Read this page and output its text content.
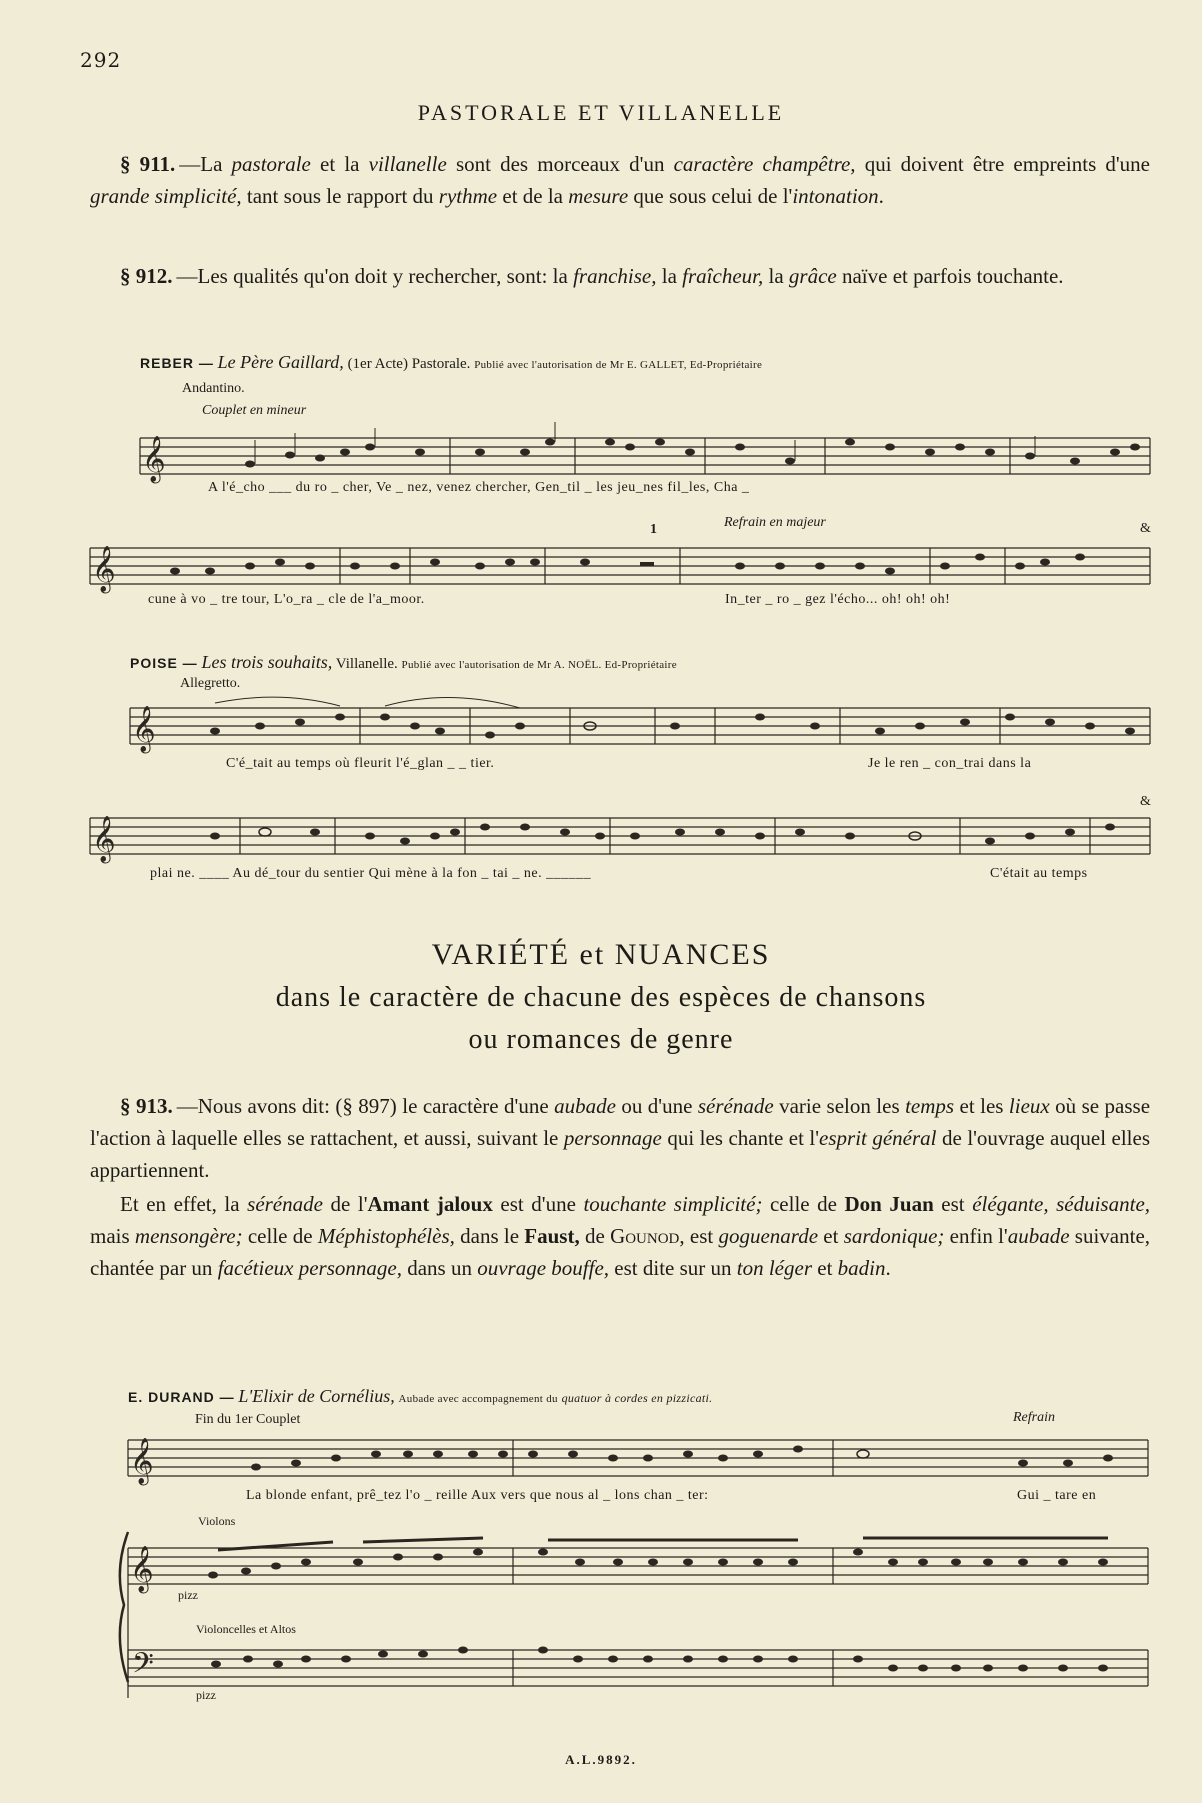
292
PASTORALE ET VILLANELLE
§ 911. —La pastorale et la villanelle sont des morceaux d'un caractère champêtre, qui doivent être empreints d'une grande simplicité, tant sous le rapport du rythme et de la mesure que sous celui de l'intonation.
§ 912. —Les qualités qu'on doit y rechercher, sont: la franchise, la fraîcheur, la grâce naïve et parfois touchante.
REBER — Le Père Gaillard, (1er Acte) Pastorale. Publié avec l'autorisation de Mr E. GALLET, Ed-Propriétaire
Andantino.
Couplet en mineur
𝄞
A l'é_cho ___ du ro _ cher, Ve _ nez, venez chercher, Gen_til _ les jeu_nes fil_les, Cha _
Refrain en majeur
1	&
𝄞
cune à vo _ tre tour, L'o_ra _ cle de l'a_moor.	In_ter _ ro _ gez l'écho... oh! oh! oh!
POISE — Les trois souhaits, Villanelle. Publié avec l'autorisation de Mr A. NOËL. Ed-Propriétaire
Allegretto.
𝄞
C'é_tait au temps où fleurit l'é_glan _ _ tier.	Je le ren _ con_trai dans la
&
𝄞
plai ne. ____ Au dé_tour du sentier Qui mène à la fon _ tai _ ne. ______	C'était au temps
VARIÉTÉ et NUANCES
dans le caractère de chacune des espèces de chansons
ou romances de genre
§ 913. —Nous avons dit: (§ 897) le caractère d'une aubade ou d'une sérénade varie selon les temps et les lieux où se passe l'action à laquelle elles se rattachent, et aussi, suivant le personnage qui les chante et l'esprit général de l'ouvrage auquel elles appartiennent.
Et en effet, la sérénade de l'Amant jaloux est d'une touchante simplicité; celle de Don Juan est élégante, séduisante, mais mensongère; celle de Méphistophélès, dans le Faust, de Gounod, est goguenarde et sardonique; enfin l'aubade suivante, chantée par un facétieux personnage, dans un ouvrage bouffe, est dite sur un ton léger et badin.
E. DURAND — L'Elixir de Cornélius, Aubade avec accompagnement du quatuor à cordes en pizzicati.
Fin du 1er Couplet	Refrain
𝄞
La blonde enfant, prê_tez l'o _ reille Aux vers que nous al _ lons chan _ ter:	Gui _ tare en
Violons
𝄞
pizz
Violoncelles et Altos
𝄢
pizz
A.L.9892.
